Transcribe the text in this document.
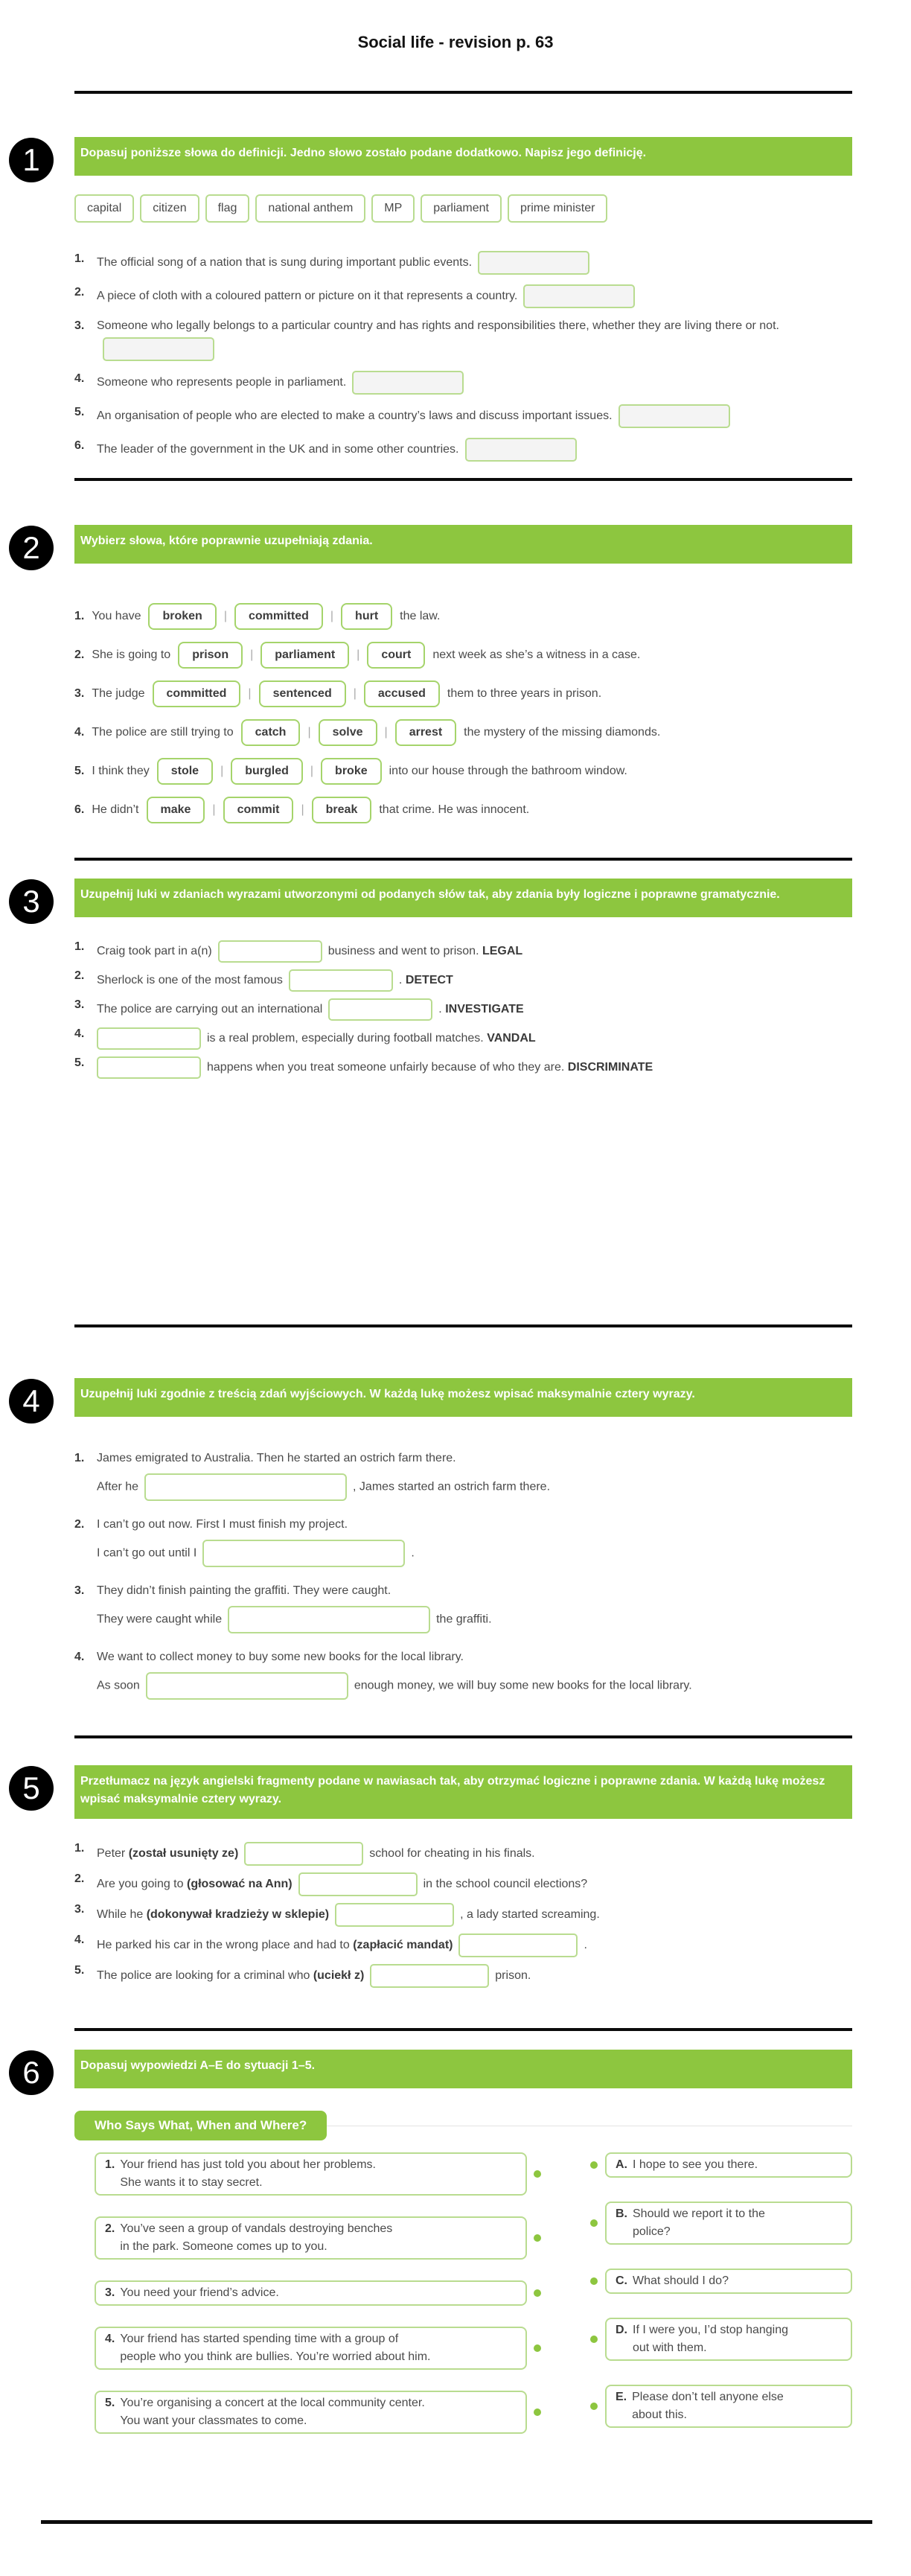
Social life - revision p. 63
1	Dopasuj poniższe słowa do definicji. Jedno słowo zostało podane dodatkowo. Napisz jego definicję.
capital	citizen	flag	national anthem	MP	parliament	prime minister
1.	The official song of a nation that is sung during important public events.
2.	A piece of cloth with a coloured pattern or picture on it that represents a country.
3.	Someone who legally belongs to a particular country and has rights and responsibilities there, whether they are living there or not.
4.	Someone who represents people in parliament.
5.	An organisation of people who are elected to make a country’s laws and discuss important issues.
6.	The leader of the government in the UK and in some other countries.
2	Wybierz słowa, które poprawnie uzupełniają zdania.
1. You have	broken	|	committed	|	hurt	the law.
2. She is going to	prison	|	parliament	|	court	next week as she’s a witness in a case.
3. The judge	committed	|	sentenced	|	accused	them to three years in prison.
4. The police are still trying to	catch	|	solve	|	arrest	the mystery of the missing diamonds.
5. I think they	stole	|	burgled	|	broke	into our house through the bathroom window.
6. He didn’t	make	|	commit	|	break	that crime. He was innocent.
3	Uzupełnij luki w zdaniach wyrazami utworzonymi od podanych słów tak, aby zdania były logiczne i poprawne gramatycznie.
1.	Craig took part in a(n)	business and went to prison. LEGAL
2.	Sherlock is one of the most famous	. DETECT
3.	The police are carrying out an international	. INVESTIGATE
4.	is a real problem, especially during football matches. VANDAL
5.	happens when you treat someone unfairly because of who they are. DISCRIMINATE
4	Uzupełnij luki zgodnie z treścią zdań wyjściowych. W każdą lukę możesz wpisać maksymalnie cztery wyrazy.
1.	James emigrated to Australia. Then he started an ostrich farm there.
After he	, James started an ostrich farm there.
2.	I can’t go out now. First I must finish my project.
I can’t go out until I	.
3.	They didn’t finish painting the graffiti. They were caught.
They were caught while	the graffiti.
4.	We want to collect money to buy some new books for the local library.
As soon	enough money, we will buy some new books for the local library.
5	Przetłumacz na język angielski fragmenty podane w nawiasach tak, aby otrzymać logiczne i poprawne zdania. W każdą lukę możesz wpisać maksymalnie cztery wyrazy.
1.	Peter (został usunięty ze)	school for cheating in his finals.
2.	Are you going to (głosować na Ann)	in the school council elections?
3.	While he (dokonywał kradzieży w sklepie)	, a lady started screaming.
4.	He parked his car in the wrong place and had to (zapłacić mandat)	.
5.	The police are looking for a criminal who (uciekł z)	prison.
6	Dopasuj wypowiedzi A–E do sytuacji 1–5.
Who Says What, When and Where?
1. Your friend has just told you about her problems.
She wants it to stay secret.
2. You’ve seen a group of vandals destroying benches
in the park. Someone comes up to you.
3. You need your friend’s advice.
4. Your friend has started spending time with a group of
people who you think are bullies. You’re worried about him.
5. You’re organising a concert at the local community center.
You want your classmates to come.
A. I hope to see you there.
B. Should we report it to the
police?
C. What should I do?
D. If I were you, I’d stop hanging
out with them.
E. Please don’t tell anyone else
about this.
